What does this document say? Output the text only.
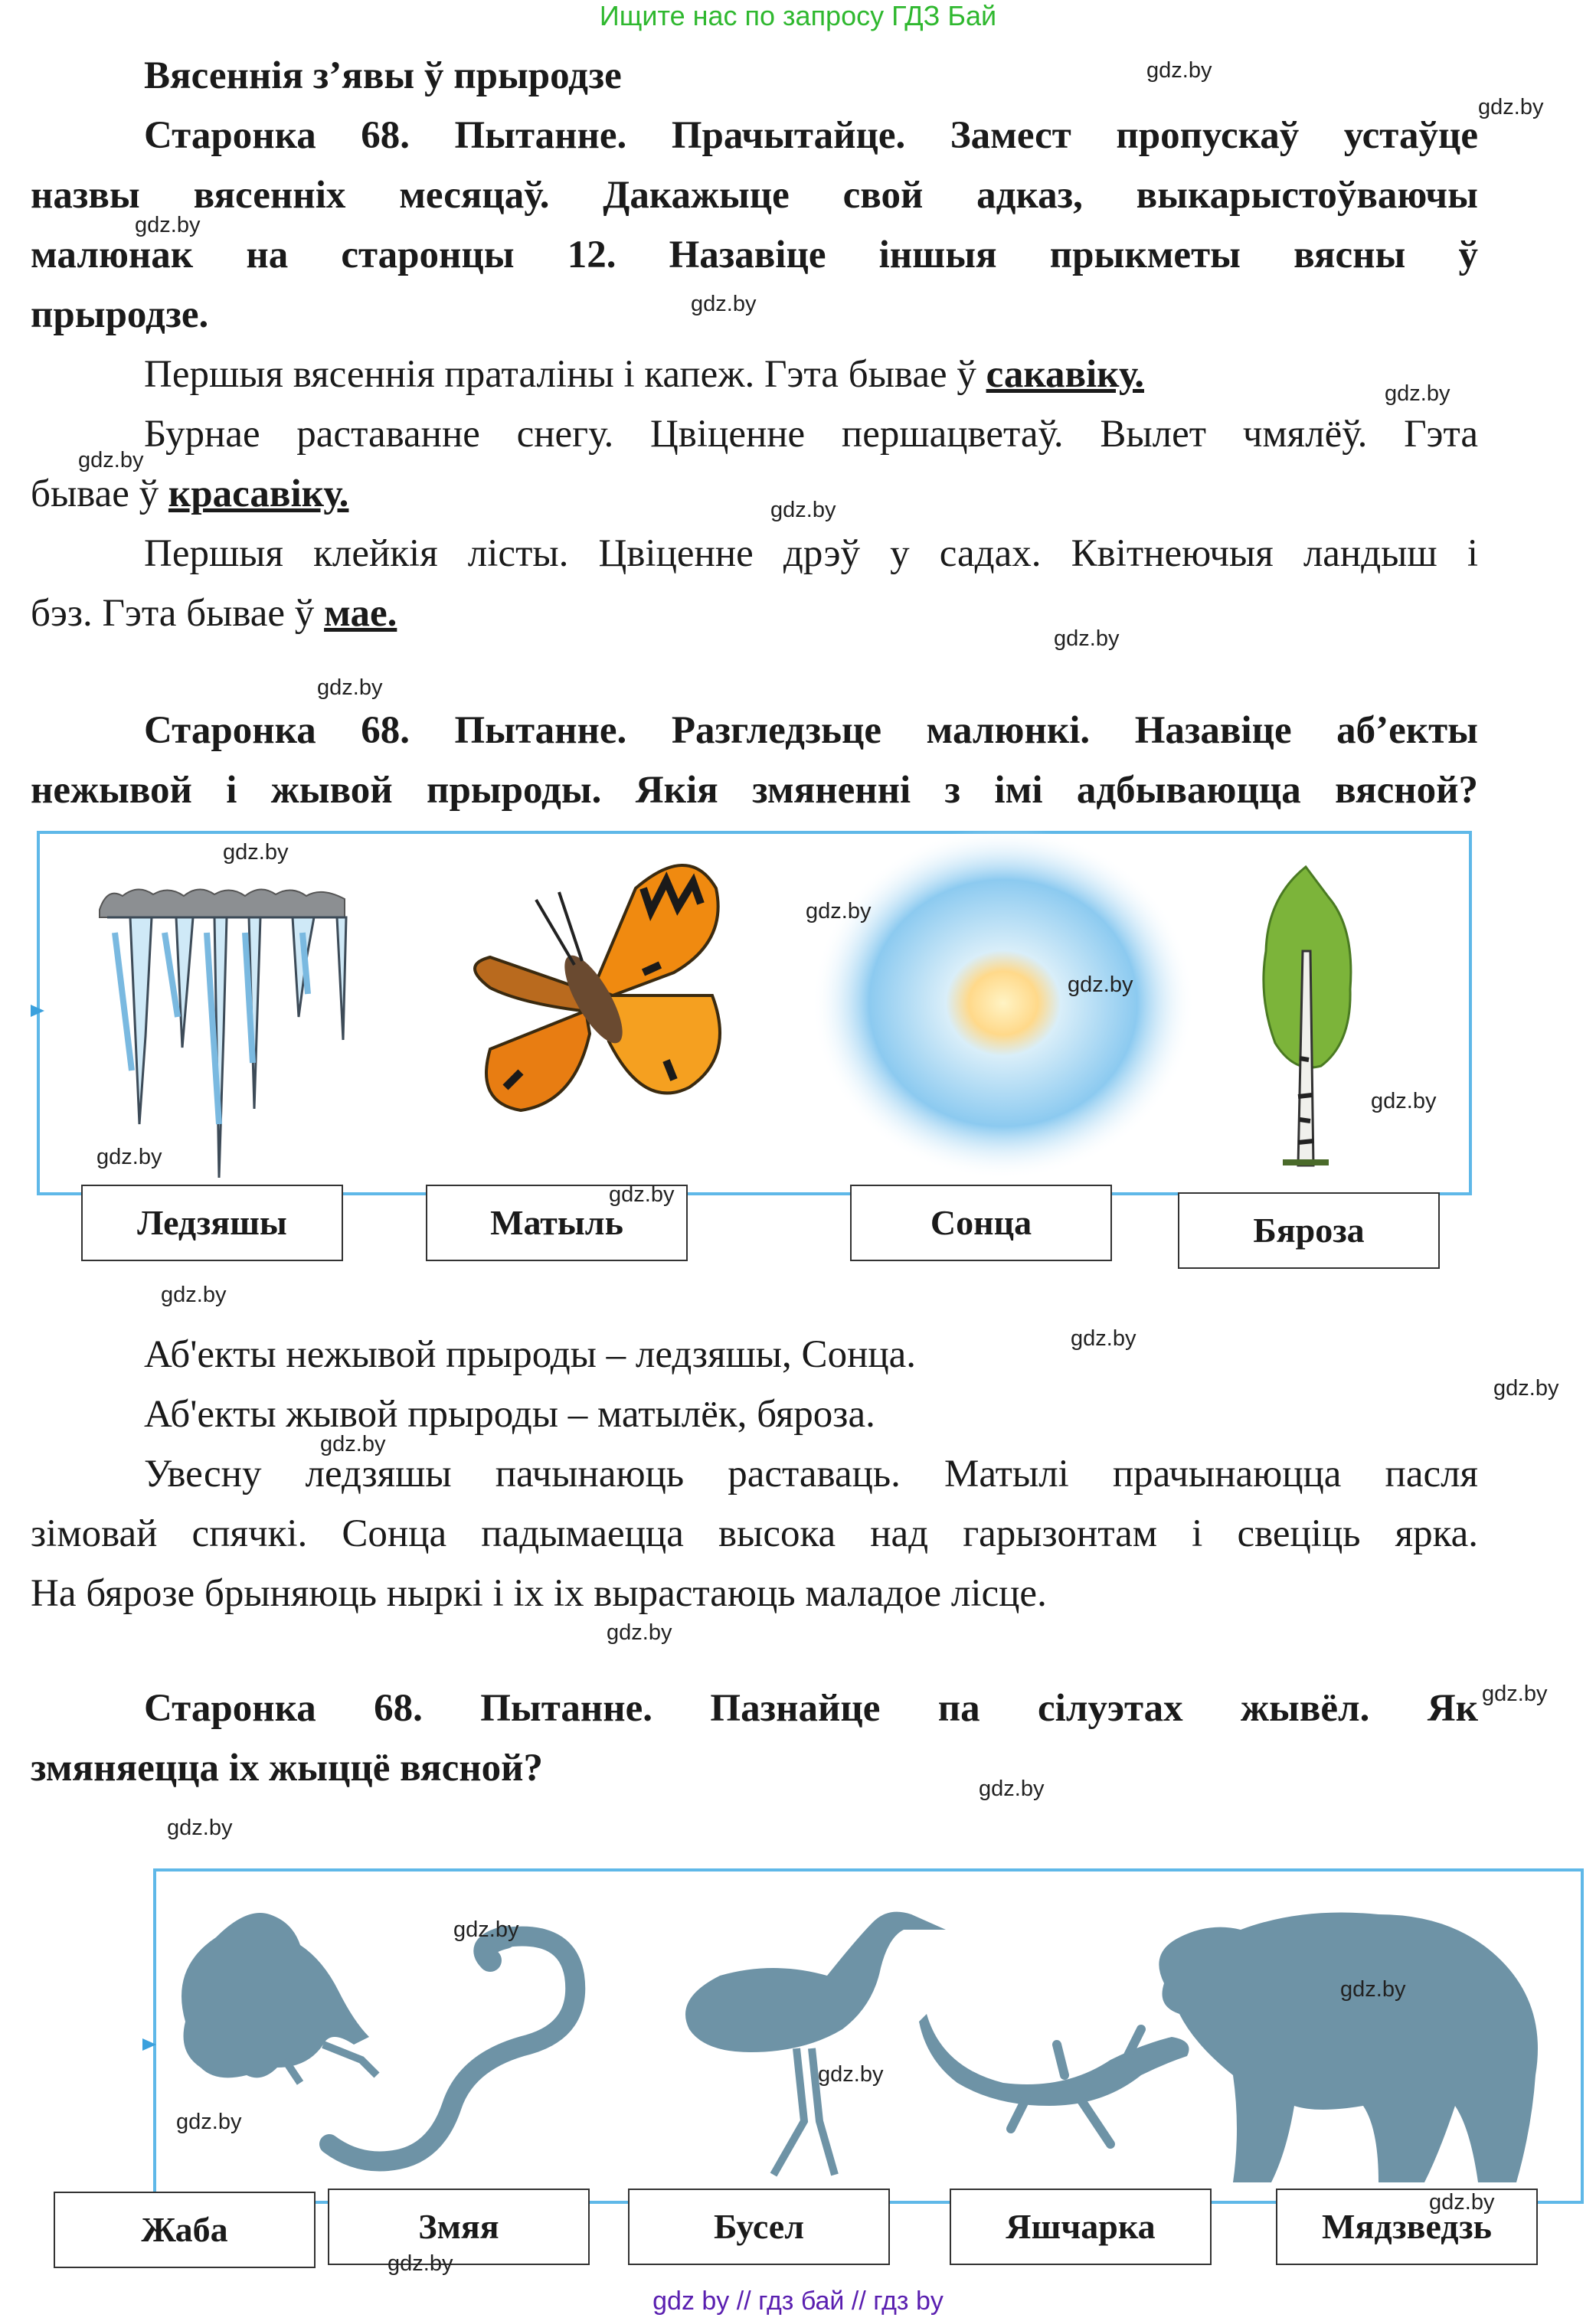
Ищите нас по запросу ГДЗ Бай
Вясеннія з’явы ў прыродзе
Старонка 68. Пытанне. Прачытайце. Замест пропускаў устаўце
назвы вясенніх месяцаў. Дакажыце свой адказ, выкарыстоўваючы
малюнак на старонцы 12. Назавіце іншыя прыкметы вясны ў
прыродзе.
Першыя вясеннія праталіны і капеж. Гэта бывае ў сакавіку.
Бурнае раставанне снегу. Цвіценне першацветаў. Вылет чмялёў. Гэта
бывае ў красавіку.
Першыя клейкія лісты. Цвіценне дрэў у садах. Квітнеючыя ландыш і
бэз. Гэта бывае ў мае.
Старонка 68. Пытанне. Разгледзьце малюнкі. Назавіце аб’екты
нежывой і жывой прыроды. Якія змяненні з імі адбываюцца вясной?
Ледзяшы	Матыль	Сонца	Бяроза
Аб'екты нежывой прыроды – ледзяшы, Сонца.
Аб'екты жывой прыроды – матылёк, бяроза.
Увесну ледзяшы пачынаюць раставаць. Матылі прачынаюцца пасля
зімовай спячкі. Сонца падымаецца высока над гарызонтам і свеціць ярка.
На бярозе брыняюць ныркі і іх іх вырастаюць маладое лісце.
Старонка 68. Пытанне. Пазнайце па сілуэтах жывёл. Як
змяняецца іх жыццё вясной?
Жаба	Змяя	Бусел	Яшчарка	Мядзведзь
gdz.by
gdz.by
gdz.by
gdz.by
gdz.by
gdz.by
gdz.by
gdz.by
gdz.by
gdz.by
gdz.by
gdz.by
gdz.by
gdz.by
gdz.by
gdz.by
gdz.by
gdz.by
gdz.by
gdz.by
gdz.by
gdz.by
gdz.by
gdz.by
gdz.by
gdz.by
gdz.by
gdz.by
gdz.by
gdz by // гдз бай // гдз by
